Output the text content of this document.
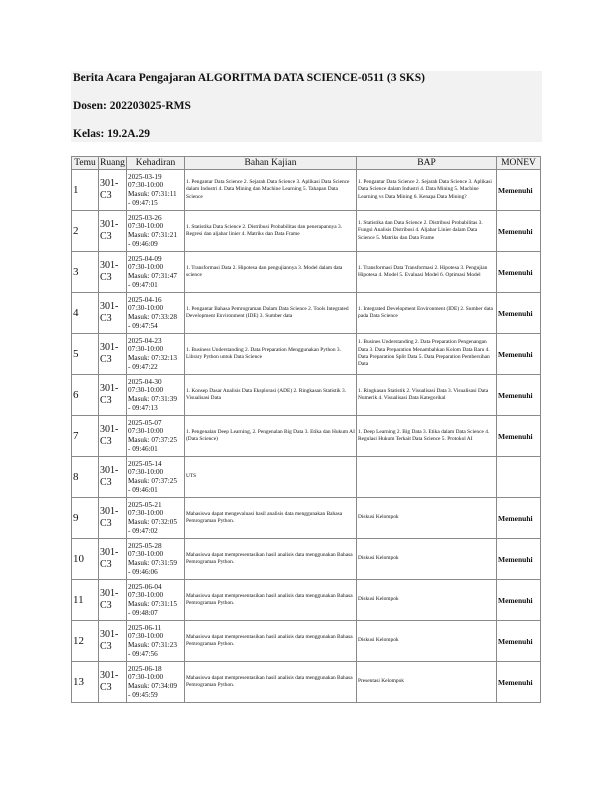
Berita Acara Pengajaran ALGORITMA DATA SCIENCE-0511 (3 SKS)
Dosen: 202203025-RMS
Kelas: 19.2A.29
Temu	Ruang	Kehadiran	Bahan Kajian	BAP	MONEV
1	301-C3	2025-03-19
07:30-10:00
Masuk: 07:31:11
- 09:47:15	1. Pengantar Data Science 2. Sejarah Data Science 3. Aplikasi Data Science dalam Industri 4. Data Mining dan Machine Learning 5. Tahapan Data Science	1. Pengantar Data Science 2. Sejarah Data Science 3. Aplikasi Data Science dalam Industri 4. Data Mining 5. Machine Learning vs Data Mining 6. Kenapa Data Mining?	Memenuhi
2	301-C3	2025-03-26
07:30-10:00
Masuk: 07:31:21
- 09:46:09	1. Statistika Data Science 2. Distribusi Probabilitas dan penerapannya 3. Regresi dan aljabar linier 4. Matriks dan Data Frame	1. Statistika dan Data Science 2. Distribusi Probabilitas 3. Fungsi Analisis Distribusi 4. Aljabar Linier dalam Data Science 5. Matriks dan Data Frame	Memenuhi
3	301-C3	2025-04-09
07:30-10:00
Masuk: 07:31:47
- 09:47:01	1. Transformasi Data 2. Hipotesa dan pengujiannya 3. Model dalam data science	1. Transformasi Data Transformasi 2. Hipotesa 3. Pengujian Hipotesa 4. Model 5. Evaluasi Model 6. Optimasi Model	Memenuhi
4	301-C3	2025-04-16
07:30-10:00
Masuk: 07:33:28
- 09:47:54	1. Pengantar Bahasa Pemrograman Dalam Data Science 2. Tools Integrated Development Environment (IDE) 3. Sumber data	1. Integrated Development Environment (IDE) 2. Sumber data pada Data Science	Memenuhi
5	301-C3	2025-04-23
07:30-10:00
Masuk: 07:32:13
- 09:47:22	1. Business Understanding 2. Data Preparation Menggunakan Python 3. Library Python untuk Data Science	1. Busines Understanding 2. Data Preparation Pengenangan Data 3. Data Preparation Menambahkan Kolom Data Baru 4. Data Preparation Split Data 5. Data Preparation Pembersihan Data	Memenuhi
6	301-C3	2025-04-30
07:30-10:00
Masuk: 07:31:39
- 09:47:13	1. Konsep Dasar Analisis Data Eksplorasi (ADE) 2. Ringkasan Statistik 3. Visualisasi Data	1. Ringkasan Statistik 2. Visualisasi Data 3. Visualisasi Data Numerik 4. Visualisasi Data Kategorikal	Memenuhi
7	301-C3	2025-05-07
07:30-10:00
Masuk: 07:37:25
- 09:46:01	1. Pengenalan Deep Learning, 2. Pengenalan Big Data 3. Etika dan Hukum AI (Data Science)	1. Deep Learning 2. Big Data 3. Etika dalam Data Science 4. Regulasi Hukum Terkait Data Science 5. Protokol AI	Memenuhi
8	301-C3	2025-05-14
07:30-10:00
Masuk: 07:37:25
- 09:46:01	UTS		
9	301-C3	2025-05-21
07:30-10:00
Masuk: 07:32:05
- 09:47:02	Mahasiswa dapat mengevaluasi hasil analisis data menggunakan Bahasa Pemrograman Python.	Diskusi Kelompok	Memenuhi
10	301-C3	2025-05-28
07:30-10:00
Masuk: 07:31:59
- 09:46:06	Mahasiswa dapat mempresentasikan hasil analisis data menggunakan Bahasa Pemrograman Python.	Diskusi Kelompok	Memenuhi
11	301-C3	2025-06-04
07:30-10:00
Masuk: 07:31:15
- 09:48:07	Mahasiswa dapat mempresentasikan hasil analisis data menggunakan Bahasa Pemrograman Python.	Diskusi Kelompok	Memenuhi
12	301-C3	2025-06-11
07:30-10:00
Masuk: 07:31:23
- 09:47:56	Mahasiswa dapat mempresentasikan hasil analisis data menggunakan Bahasa Pemrograman Python.	Diskusi Kelompok	Memenuhi
13	301-C3	2025-06-18
07:30-10:00
Masuk: 07:34:09
- 09:45:59	Mahasiswa dapat mempresentasikan hasil analisis data menggunakan Bahasa Pemrograman Python.	Presentasi Kelompok	Memenuhi
